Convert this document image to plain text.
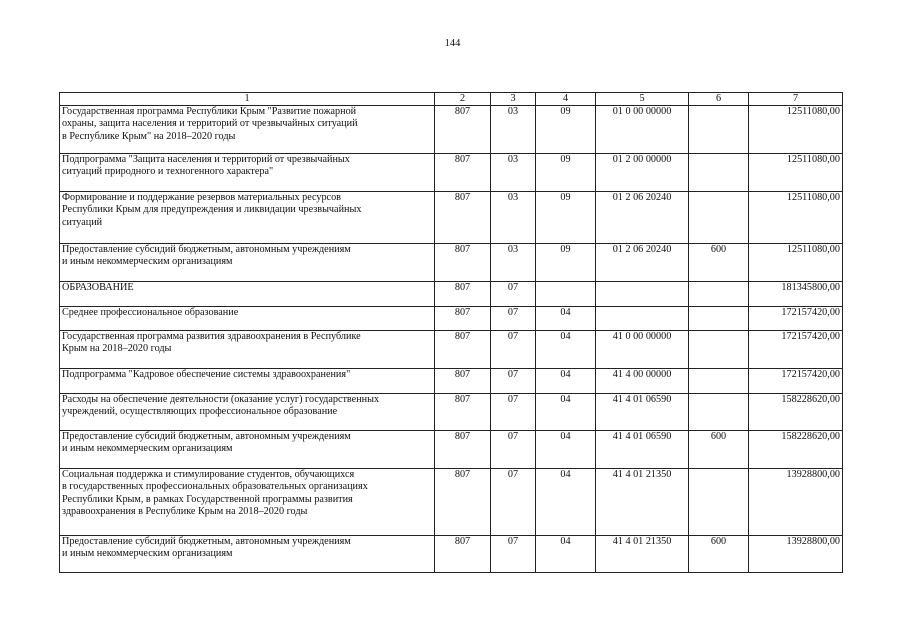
144
1	2	3	4	5	6	7

Государственная программа Республики Крым "Развитие пожарной
охраны, защита населения и территорий от чрезвычайных ситуаций
в Республике Крым" на 2018–2020 годы	807	03	09	01 0 00 00000		12511080,00

Подпрограмма "Защита населения и территорий от чрезвычайных
ситуаций природного и техногенного характера"	807	03	09	01 2 00 00000		12511080,00

Формирование и поддержание резервов материальных ресурсов
Республики Крым для предупреждения и ликвидации чрезвычайных
ситуаций	807	03	09	01 2 06 20240		12511080,00

Предоставление субсидий бюджетным, автономным учреждениям
и иным некоммерческим организациям	807	03	09	01 2 06 20240	600	12511080,00

ОБРАЗОВАНИЕ	807	07				181345800,00

Среднее профессиональное образование	807	07	04			172157420,00

Государственная программа развития здравоохранения в Республике
Крым на 2018–2020 годы	807	07	04	41 0 00 00000		172157420,00

Подпрограмма "Кадровое обеспечение системы здравоохранения"	807	07	04	41 4 00 00000		172157420,00

Расходы на обеспечение деятельности (оказание услуг) государственных
учреждений, осуществляющих профессиональное образование	807	07	04	41 4 01 06590		158228620,00

Предоставление субсидий бюджетным, автономным учреждениям
и иным некоммерческим организациям	807	07	04	41 4 01 06590	600	158228620,00

Социальная поддержка и стимулирование студентов, обучающихся
в государственных профессиональных образовательных организациях
Республики Крым, в рамках Государственной программы развития
здравоохранения в Республике Крым на 2018–2020 годы	807	07	04	41 4 01 21350		13928800,00

Предоставление субсидий бюджетным, автономным учреждениям
и иным некоммерческим организациям	807	07	04	41 4 01 21350	600	13928800,00
